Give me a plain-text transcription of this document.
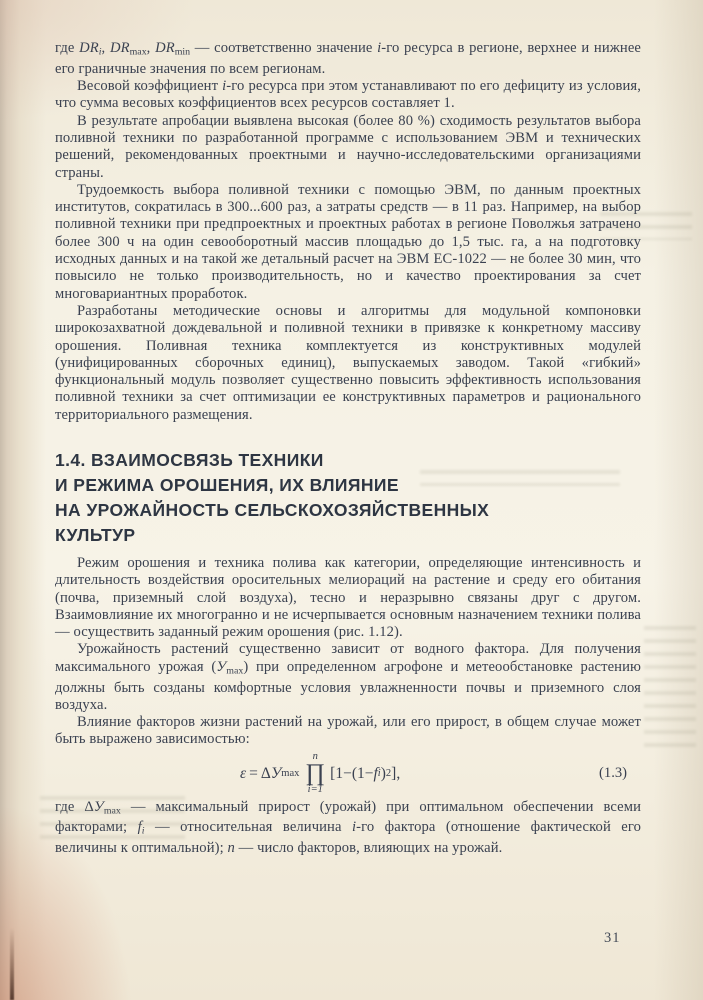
где DRi, DRmax, DRmin — соответственно значение i-го ресурса в регионе, верхнее и нижнее его граничные значения по всем регионам.

Весовой коэффициент i-го ресурса при этом устанавливают по его дефициту из условия, что сумма весовых коэффициентов всех ресурсов составляет 1.

В результате апробации выявлена высокая (более 80 %) сходимость результатов выбора поливной техники по разработанной программе с использованием ЭВМ и технических решений, рекомендованных проектными и научно-исследовательскими организациями страны.

Трудоемкость выбора поливной техники с помощью ЭВМ, по данным проектных институтов, сократилась в 300...600 раз, а затраты средств — в 11 раз. Например, на выбор поливной техники при предпроектных и проектных работах в регионе Поволжья затрачено более 300 ч на один севооборотный массив площадью до 1,5 тыс. га, а на подготовку исходных данных и на такой же детальный расчет на ЭВМ ЕС-1022 — не более 30 мин, что повысило не только производительность, но и качество проектирования за счет многовариантных проработок.

Разработаны методические основы и алгоритмы для модульной компоновки широкозахватной дождевальной и поливной техники в привязке к конкретному массиву орошения. Поливная техника комплектуется из конструктивных модулей (унифицированных сборочных единиц), выпускаемых заводом. Такой «гибкий» функциональный модуль позволяет существенно повысить эффективность использования поливной техники за счет оптимизации ее конструктивных параметров и рационального территориального размещения.

1.4. ВЗАИМОСВЯЗЬ ТЕХНИКИ
И РЕЖИМА ОРОШЕНИЯ, ИХ ВЛИЯНИЕ
НА УРОЖАЙНОСТЬ СЕЛЬСКОХОЗЯЙСТВЕННЫХ
КУЛЬТУР

Режим орошения и техника полива как категории, определяющие интенсивность и длительность воздействия оросительных мелиораций на растение и среду его обитания (почва, приземный слой воздуха), тесно и неразрывно связаны друг с другом. Взаимовлияние их многогранно и не исчерпывается основным назначением техники полива — осуществить заданный режим орошения (рис. 1.12).

Урожайность растений существенно зависит от водного фактора. Для получения максимального урожая (Уmax) при определенном агрофоне и метеообстановке растению должны быть созданы комфортные условия увлажненности почвы и приземного слоя воздуха.

Влияние факторов жизни растений на урожай, или его прирост, в общем случае может быть выражено зависимостью:

ε = Δ У max
n
∏
i=1
[1−(1− f i ) 2 ],	(1.3)

где ΔУmax — максимальный прирост (урожай) при оптимальном обеспечении всеми факторами; fi — относительная величина i-го фактора (отношение фактической его величины к оптимальной); n — число факторов, влияющих на урожай.

31
